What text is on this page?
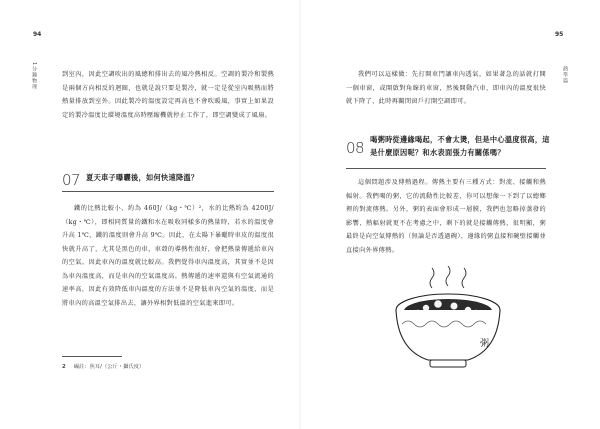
94
1分鐘物理	到室內，因此空調吹出的風總和排出去的風冷熱相反。空調的製冷和製熱是兩個方向相反的迴圈，也就是說只要是製冷，就一定是從室內吸熱而將熱量排放到室外。因此製冷的溫度設定再高也不會吹暖風，事實上如果設定的製冷溫度比環境溫度高時壓縮機就停止工作了，即空調變成了風扇。

07 夏天車子曝曬後，如何快速降溫？

鐵的比熱比較小，約為 460J/（kg・℃）²，水的比熱約為 4200J/（kg・℃），即相同質量的鐵和水在吸收同樣多的熱量時，若水的溫度會升高 1℃，鐵的溫度則會升高 9℃。因此，在太陽下暴曬時車皮的溫度很快就升高了，尤其是黑色的車，車殼的導熱性很好，會把熱量傳遞給車內的空氣。因此車內的溫度就比較高。我們覺得車內溫度高，其實並不是因為車內溫度高，而是車內的空氣溫度高。熱傳遞的速率還與有空氣流通的速率高，因此有效降低車內溫度的方法並不是降低車內空氣的溫度，而是將車內的高溫空氣排出去，讓外界相對低溫的空氣進來即可。

2 編註：焦耳/（公斤・攝氏度）
95
熱學篇

我們可以這樣做：先打開車門讓車內透氣，如果著急的話就打開一個車窗，或開啟對角線的車窗，然後開動汽車，即車內的溫度很快就下降了，此時再關閉窗戶打開空調即可。

08 喝粥時從邊緣喝起，不會太燙，但是中心溫度很高，這是什麼原因呢？和水表面張力有關係嗎？

這個問題涉及傳熱過程。傳熱主要有三種方式：對流、接觸和熱輻射。我們喝的粥，它的流動性比較差，你可以想像一下到了以總鄉裡的對流傳熱。另外，粥的表面會形成一層膜，我們也忽略掉蒸發的影響，熱輻射就更不在考慮之中，剩下的就是接觸傳熱，很明顯，粥最終是向空氣傳熱的（無論是否透過碗），邊緣的粥直接和碗壁接觸並直接向外界傳熱。

粥
